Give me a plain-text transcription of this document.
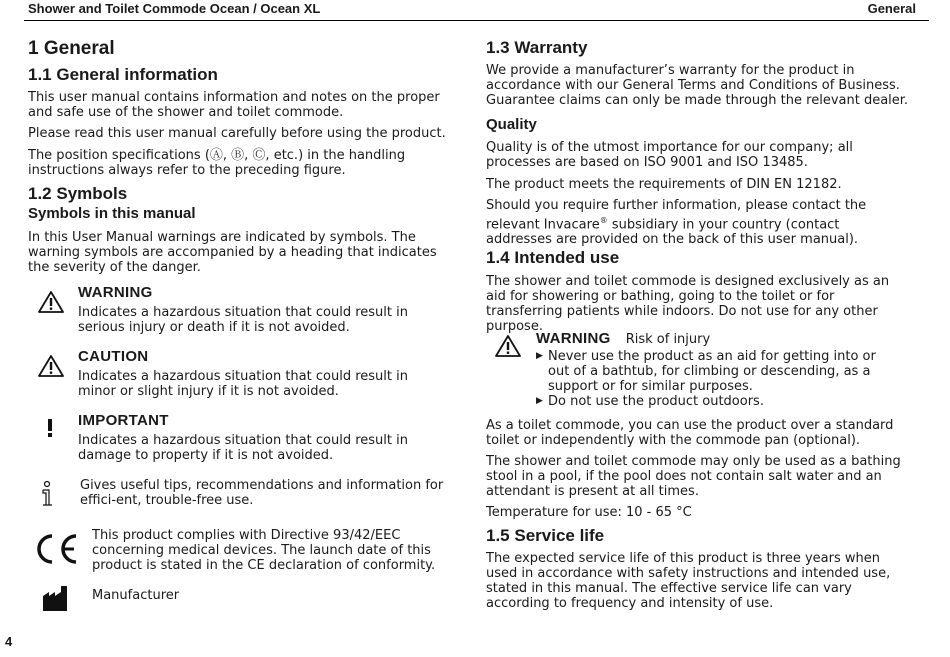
Shower and Toilet Commode Ocean / Ocean XL	General
1 General
1.1 General information
This user manual contains information and notes on the proper and safe use of the shower and toilet commode.
Please read this user manual carefully before using the product.
The position specifications (Ⓐ, Ⓑ, Ⓒ, etc.) in the handling instructions always refer to the preceding figure.
1.2 Symbols
Symbols in this manual
In this User Manual warnings are indicated by symbols. The warning symbols are accompanied by a heading that indicates the severity of the danger.
WARNING
Indicates a hazardous situation that could result in serious injury or death if it is not avoided.
CAUTION
Indicates a hazardous situation that could result in minor or slight injury if it is not avoided.
IMPORTANT
Indicates a hazardous situation that could result in damage to property if it is not avoided.
Gives useful tips, recommendations and information for effici-ent, trouble-free use.
This product complies with Directive 93/42/EEC concerning medical devices. The launch date of this product is stated in the CE declaration of conformity.
Manufacturer
4
1.3 Warranty
We provide a manufacturer’s warranty for the product in accordance with our General Terms and Conditions of Business. Guarantee claims can only be made through the relevant dealer.
Quality
Quality is of the utmost importance for our company; all processes are based on ISO 9001 and ISO 13485.
The product meets the requirements of DIN EN 12182.
Should you require further information, please contact the relevant Invacare® subsidiary in your country (contact addresses are provided on the back of this user manual).
1.4 Intended use
The shower and toilet commode is designed exclusively as an aid for showering or bathing, going to the toilet or for transferring patients while indoors. Do not use for any other purpose.
WARNING Risk of injury
▶ Never use the product as an aid for getting into or out of a bathtub, for climbing or descending, as a support or for similar purposes.
▶ Do not use the product outdoors.
As a toilet commode, you can use the product over a standard toilet or independently with the commode pan (optional).
The shower and toilet commode may only be used as a bathing stool in a pool, if the pool does not contain salt water and an attendant is present at all times.
Temperature for use: 10 - 65 °C
1.5 Service life
The expected service life of this product is three years when used in accordance with safety instructions and intended use, stated in this manual. The effective service life can vary according to frequency and intensity of use.
